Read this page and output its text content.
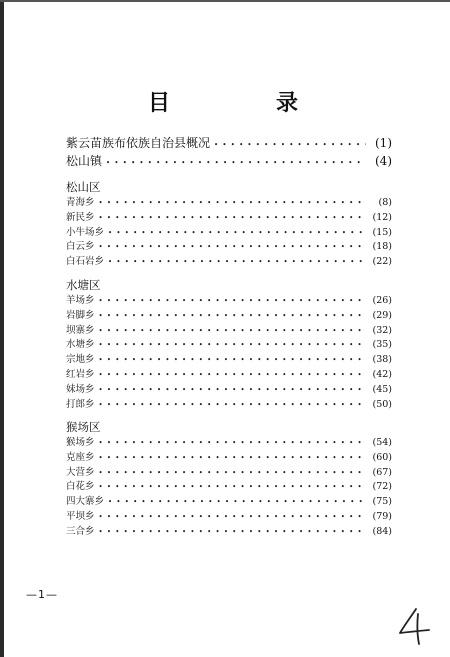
目	录
紫云苗族布依族自治县概况 • • •	(1)
松山镇 • • •	(4)
松山区
青海乡 • • •	(8)
新民乡 • • •	(12)
小牛场乡 • • •	(15)
白云乡 • • •	(18)
白石岩乡 • • •	(22)
水塘区
羊场乡 • • •	(26)
岩脚乡 • • •	(29)
坝寨乡 • • •	(32)
水塘乡 • • •	(35)
宗地乡 • • •	(38)
红岩乡 • • •	(42)
妹场乡 • • •	(45)
打郎乡 • • •	(50)
猴场区
猴场乡 • • •	(54)
克座乡 • • •	(60)
大营乡 • • •	(67)
白花乡 • • •	(72)
四大寨乡 • • •	(75)
平坝乡 • • •	(79)
三合乡 • • •	(84)
—1—
